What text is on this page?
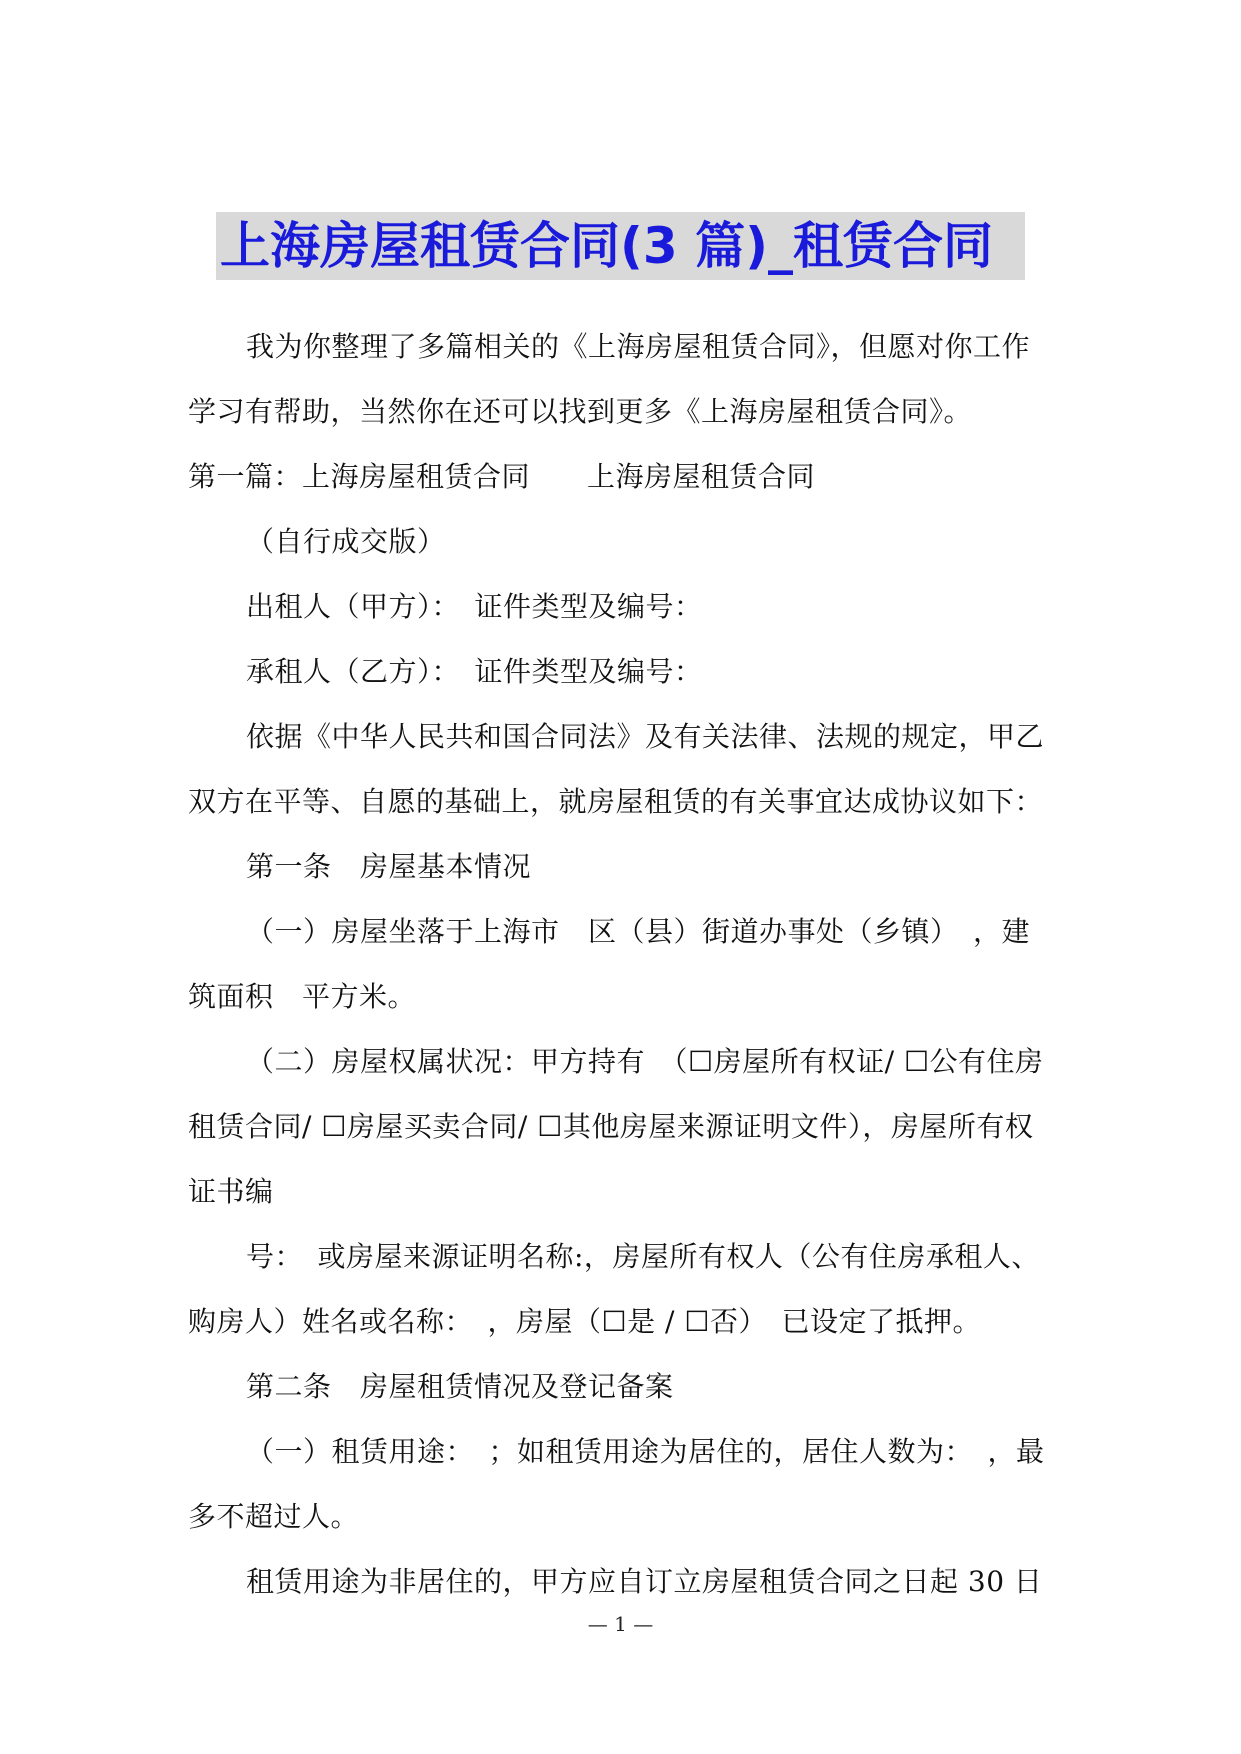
上海房屋租赁合同(3 篇)_租赁合同

我为你整理了多篇相关的《上海房屋租赁合同》，但愿对你工作学习有帮助，当然你在还可以找到更多《上海房屋租赁合同》。

第一篇：上海房屋租赁合同　　上海房屋租赁合同

（自行成交版）

出租人（甲方）：　证件类型及编号：

承租人（乙方）：　证件类型及编号：

依据《中华人民共和国合同法》及有关法律、法规的规定，甲乙双方在平等、自愿的基础上，就房屋租赁的有关事宜达成协议如下：

第一条　房屋基本情况

（一）房屋坐落于上海市　区（县）街道办事处（乡镇）　，建筑面积　平方米。

（二）房屋权属状况：甲方持有　（☐房屋所有权证/ ☐公有住房租赁合同/ ☐房屋买卖合同/ ☐其他房屋来源证明文件），房屋所有权证书编

号：　或房屋来源证明名称:，房屋所有权人（公有住房承租人、购房人）姓名或名称：　，房屋（☐是 / ☐否）　已设定了抵押。

第二条　房屋租赁情况及登记备案

（一）租赁用途：　；如租赁用途为居住的，居住人数为：　，最多不超过人。

租赁用途为非居住的，甲方应自订立房屋租赁合同之日起 30 日

— 1 —
